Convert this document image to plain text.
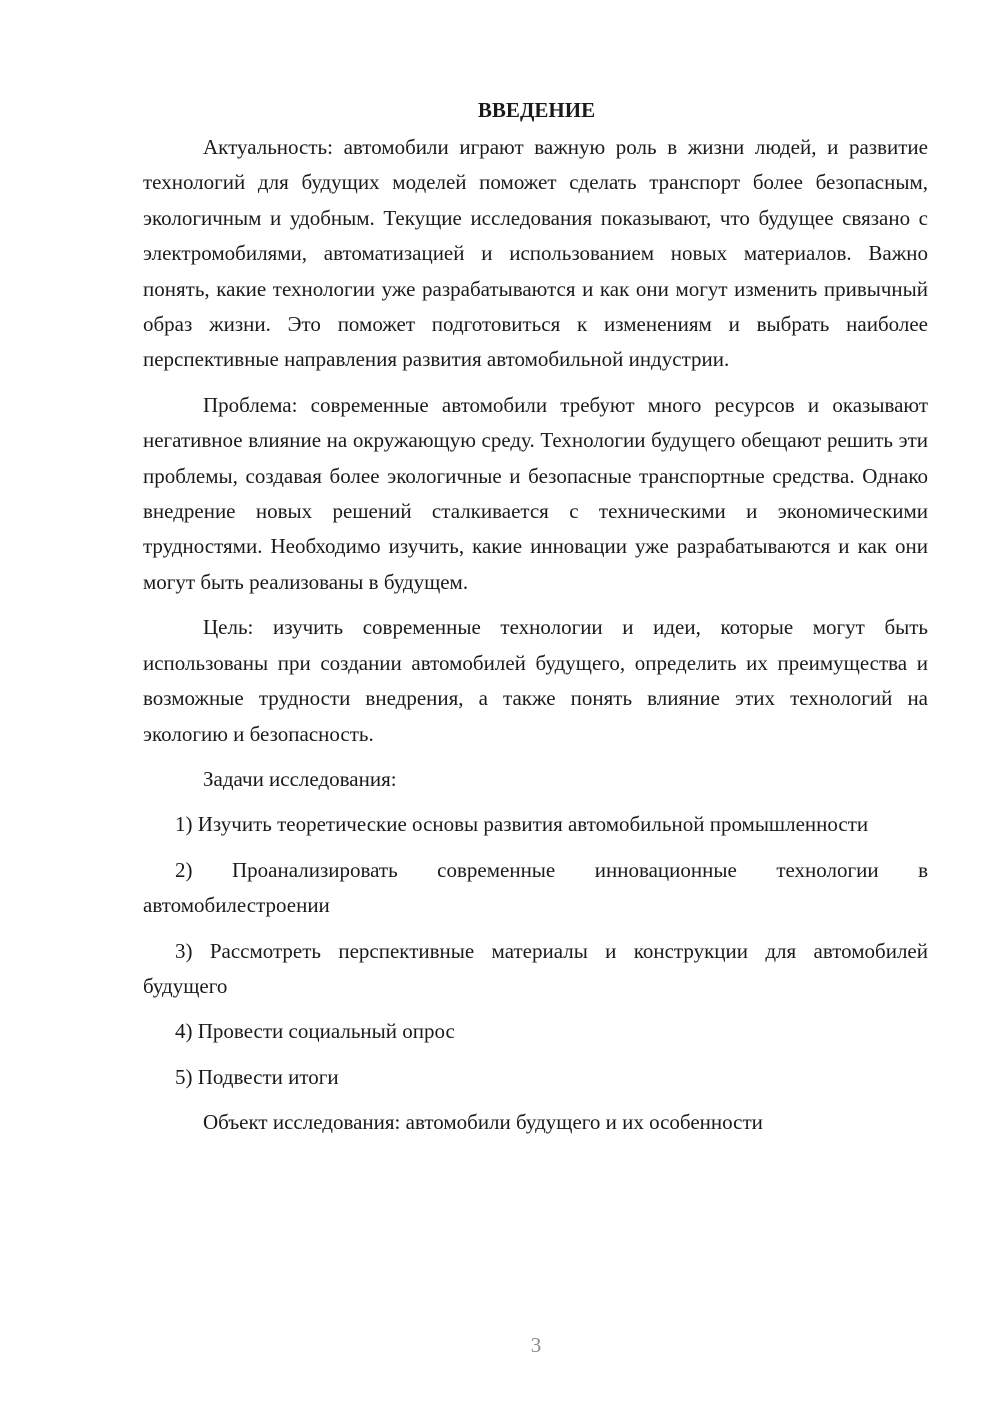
ВВЕДЕНИЕ

Актуальность: автомобили играют важную роль в жизни людей, и развитие технологий для будущих моделей поможет сделать транспорт более безопасным, экологичным и удобным. Текущие исследования показывают, что будущее связано с электромобилями, автоматизацией и использованием новых материалов. Важно понять, какие технологии уже разрабатываются и как они могут изменить привычный образ жизни. Это поможет подготовиться к изменениям и выбрать наиболее перспективные направления развития автомобильной индустрии.

Проблема: современные автомобили требуют много ресурсов и оказывают негативное влияние на окружающую среду. Технологии будущего обещают решить эти проблемы, создавая более экологичные и безопасные транспортные средства. Однако внедрение новых решений сталкивается с техническими и экономическими трудностями. Необходимо изучить, какие инновации уже разрабатываются и как они могут быть реализованы в будущем.

Цель: изучить современные технологии и идеи, которые могут быть использованы при создании автомобилей будущего, определить их преимущества и возможные трудности внедрения, а также понять влияние этих технологий на экологию и безопасность.

Задачи исследования:

1) Изучить теоретические основы развития автомобильной промышленности

2) Проанализировать современные инновационные технологии в автомобилестроении

3) Рассмотреть перспективные материалы и конструкции для автомобилей будущего

4) Провести социальный опрос

5) Подвести итоги

Объект исследования: автомобили будущего и их особенности

3
